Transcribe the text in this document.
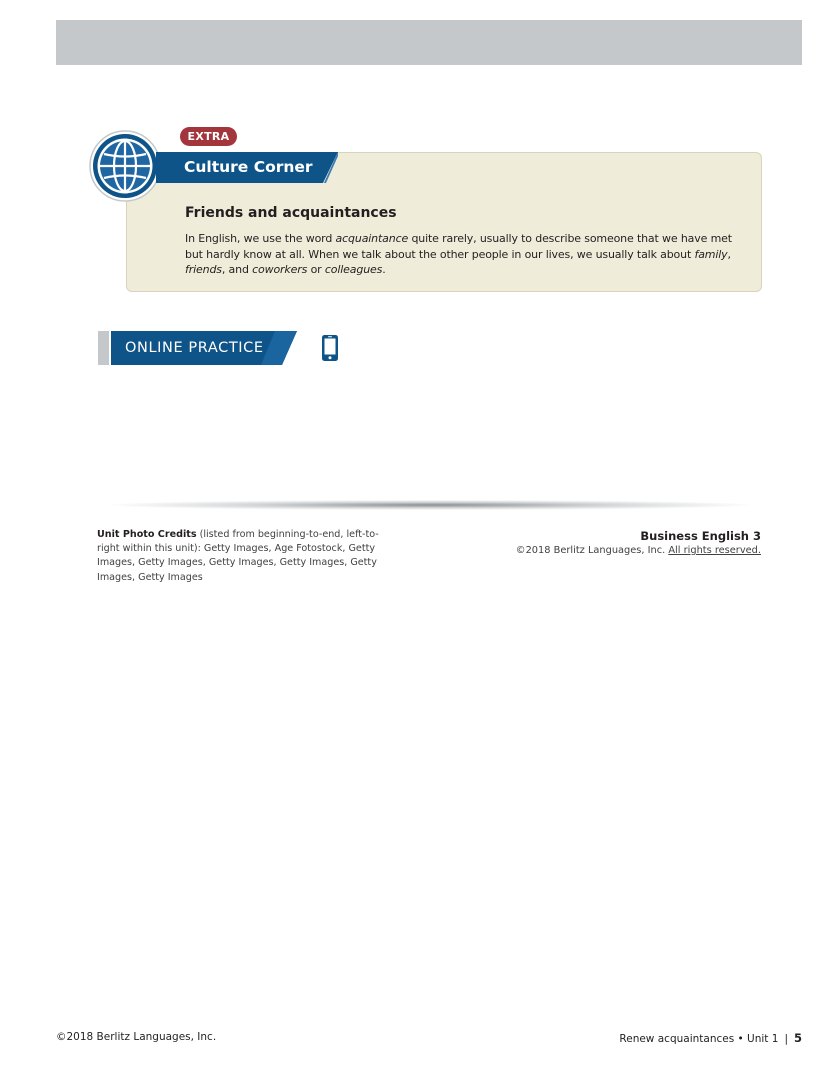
EXTRA
Culture Corner
Friends and acquaintances

In English, we use the word acquaintance quite rarely, usually to describe someone that we have met but hardly know at all. When we talk about the other people in our lives, we usually talk about family, friends, and coworkers or colleagues.

ONLINE PRACTICE
Unit Photo Credits (listed from beginning-to-end, left-to-right within this unit): Getty Images, Age Fotostock, Getty Images, Getty Images, Getty Images, Getty Images, Getty Images, Getty Images
Business English 3
©2018 Berlitz Languages, Inc. All rights reserved.
©2018 Berlitz Languages, Inc.	Renew acquaintances • Unit 1 | 5
